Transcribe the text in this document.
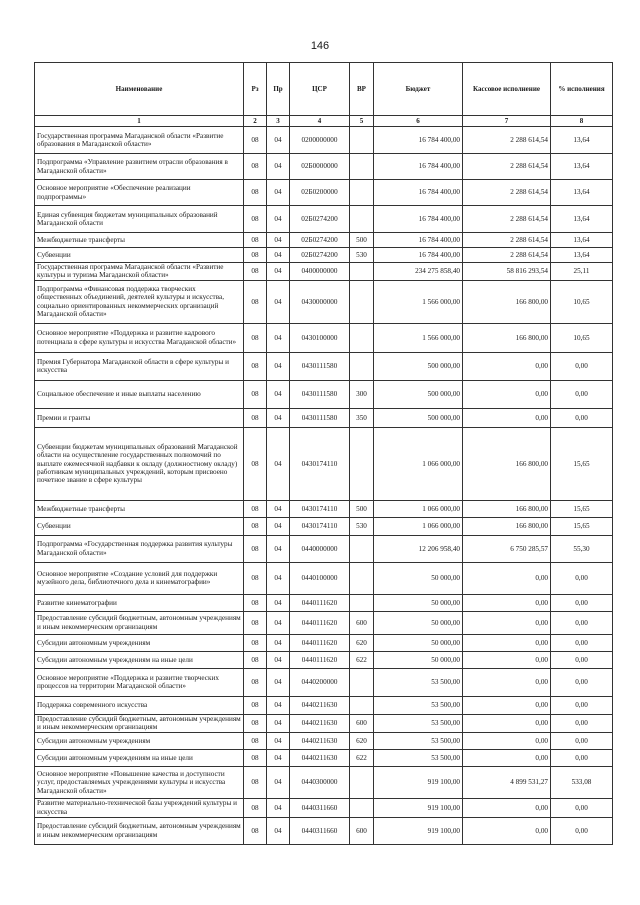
146
Наименование	Рз	Пр	ЦСР	ВР	Бюджет	Кассовое исполнение	% исполнения
1	2	3	4	5	6	7	8
Государственная программа Магаданской области «Развитие образования в Магаданской области»	08	04	0200000000		16 784 400,00	2 288 614,54	13,64
Подпрограмма «Управление развитием отрасли образования в Магаданской области»	08	04	02Б0000000		16 784 400,00	2 288 614,54	13,64
Основное мероприятие «Обеспечение реализации подпрограммы»	08	04	02Б0200000		16 784 400,00	2 288 614,54	13,64
Единая субвенция бюджетам муниципальных образований Магаданской области	08	04	02Б0274200		16 784 400,00	2 288 614,54	13,64
Межбюджетные трансферты	08	04	02Б0274200	500	16 784 400,00	2 288 614,54	13,64
Субвенции	08	04	02Б0274200	530	16 784 400,00	2 288 614,54	13,64
Государственная программа Магаданской области «Развитие культуры и туризма Магаданской области»	08	04	0400000000		234 275 858,40	58 816 293,54	25,11
Подпрограмма «Финансовая поддержка творческих общественных объединений, деятелей культуры и искусства, социально ориентированных некоммерческих организаций Магаданской области»	08	04	0430000000		1 566 000,00	166 800,00	10,65
Основное мероприятие «Поддержка и развитие кадрового потенциала в сфере культуры и искусства Магаданской области»	08	04	0430100000		1 566 000,00	166 800,00	10,65
Премия Губернатора Магаданской области в сфере культуры и искусства	08	04	0430111580		500 000,00	0,00	0,00
Социальное обеспечение и иные выплаты населению	08	04	0430111580	300	500 000,00	0,00	0,00
Премии и гранты	08	04	0430111580	350	500 000,00	0,00	0,00
Субвенции бюджетам муниципальных образований Магаданской области на осуществление государственных полномочий по выплате ежемесячной надбавки к окладу (должностному окладу) работникам муниципальных учреждений, которым присвоено почетное звание в сфере культуры	08	04	0430174110		1 066 000,00	166 800,00	15,65
Межбюджетные трансферты	08	04	0430174110	500	1 066 000,00	166 800,00	15,65
Субвенции	08	04	0430174110	530	1 066 000,00	166 800,00	15,65
Подпрограмма «Государственная поддержка развития культуры Магаданской области»	08	04	0440000000		12 206 958,40	6 750 285,57	55,30
Основное мероприятие «Создание условий для поддержки музейного дела, библиотечного дела и кинематографии»	08	04	0440100000		50 000,00	0,00	0,00
Развитие кинематографии	08	04	0440111620		50 000,00	0,00	0,00
Предоставление субсидий бюджетным, автономным учреждениям и иным некоммерческим организациям	08	04	0440111620	600	50 000,00	0,00	0,00
Субсидии автономным учреждениям	08	04	0440111620	620	50 000,00	0,00	0,00
Субсидии автономным учреждениям на иные цели	08	04	0440111620	622	50 000,00	0,00	0,00
Основное мероприятие «Поддержка и развитие творческих процессов на территории Магаданской области»	08	04	0440200000		53 500,00	0,00	0,00
Поддержка современного искусства	08	04	0440211630		53 500,00	0,00	0,00
Предоставление субсидий бюджетным, автономным учреждениям и иным некоммерческим организациям	08	04	0440211630	600	53 500,00	0,00	0,00
Субсидии автономным учреждениям	08	04	0440211630	620	53 500,00	0,00	0,00
Субсидии автономным учреждениям на иные цели	08	04	0440211630	622	53 500,00	0,00	0,00
Основное мероприятие «Повышение качества и доступности услуг, предоставляемых учреждениями культуры и искусства Магаданской области»	08	04	0440300000		919 100,00	4 899 531,27	533,08
Развитие материально-технической базы учреждений культуры и искусства	08	04	0440311660		919 100,00	0,00	0,00
Предоставление субсидий бюджетным, автономным учреждениям и иным некоммерческим организациям	08	04	0440311660	600	919 100,00	0,00	0,00
